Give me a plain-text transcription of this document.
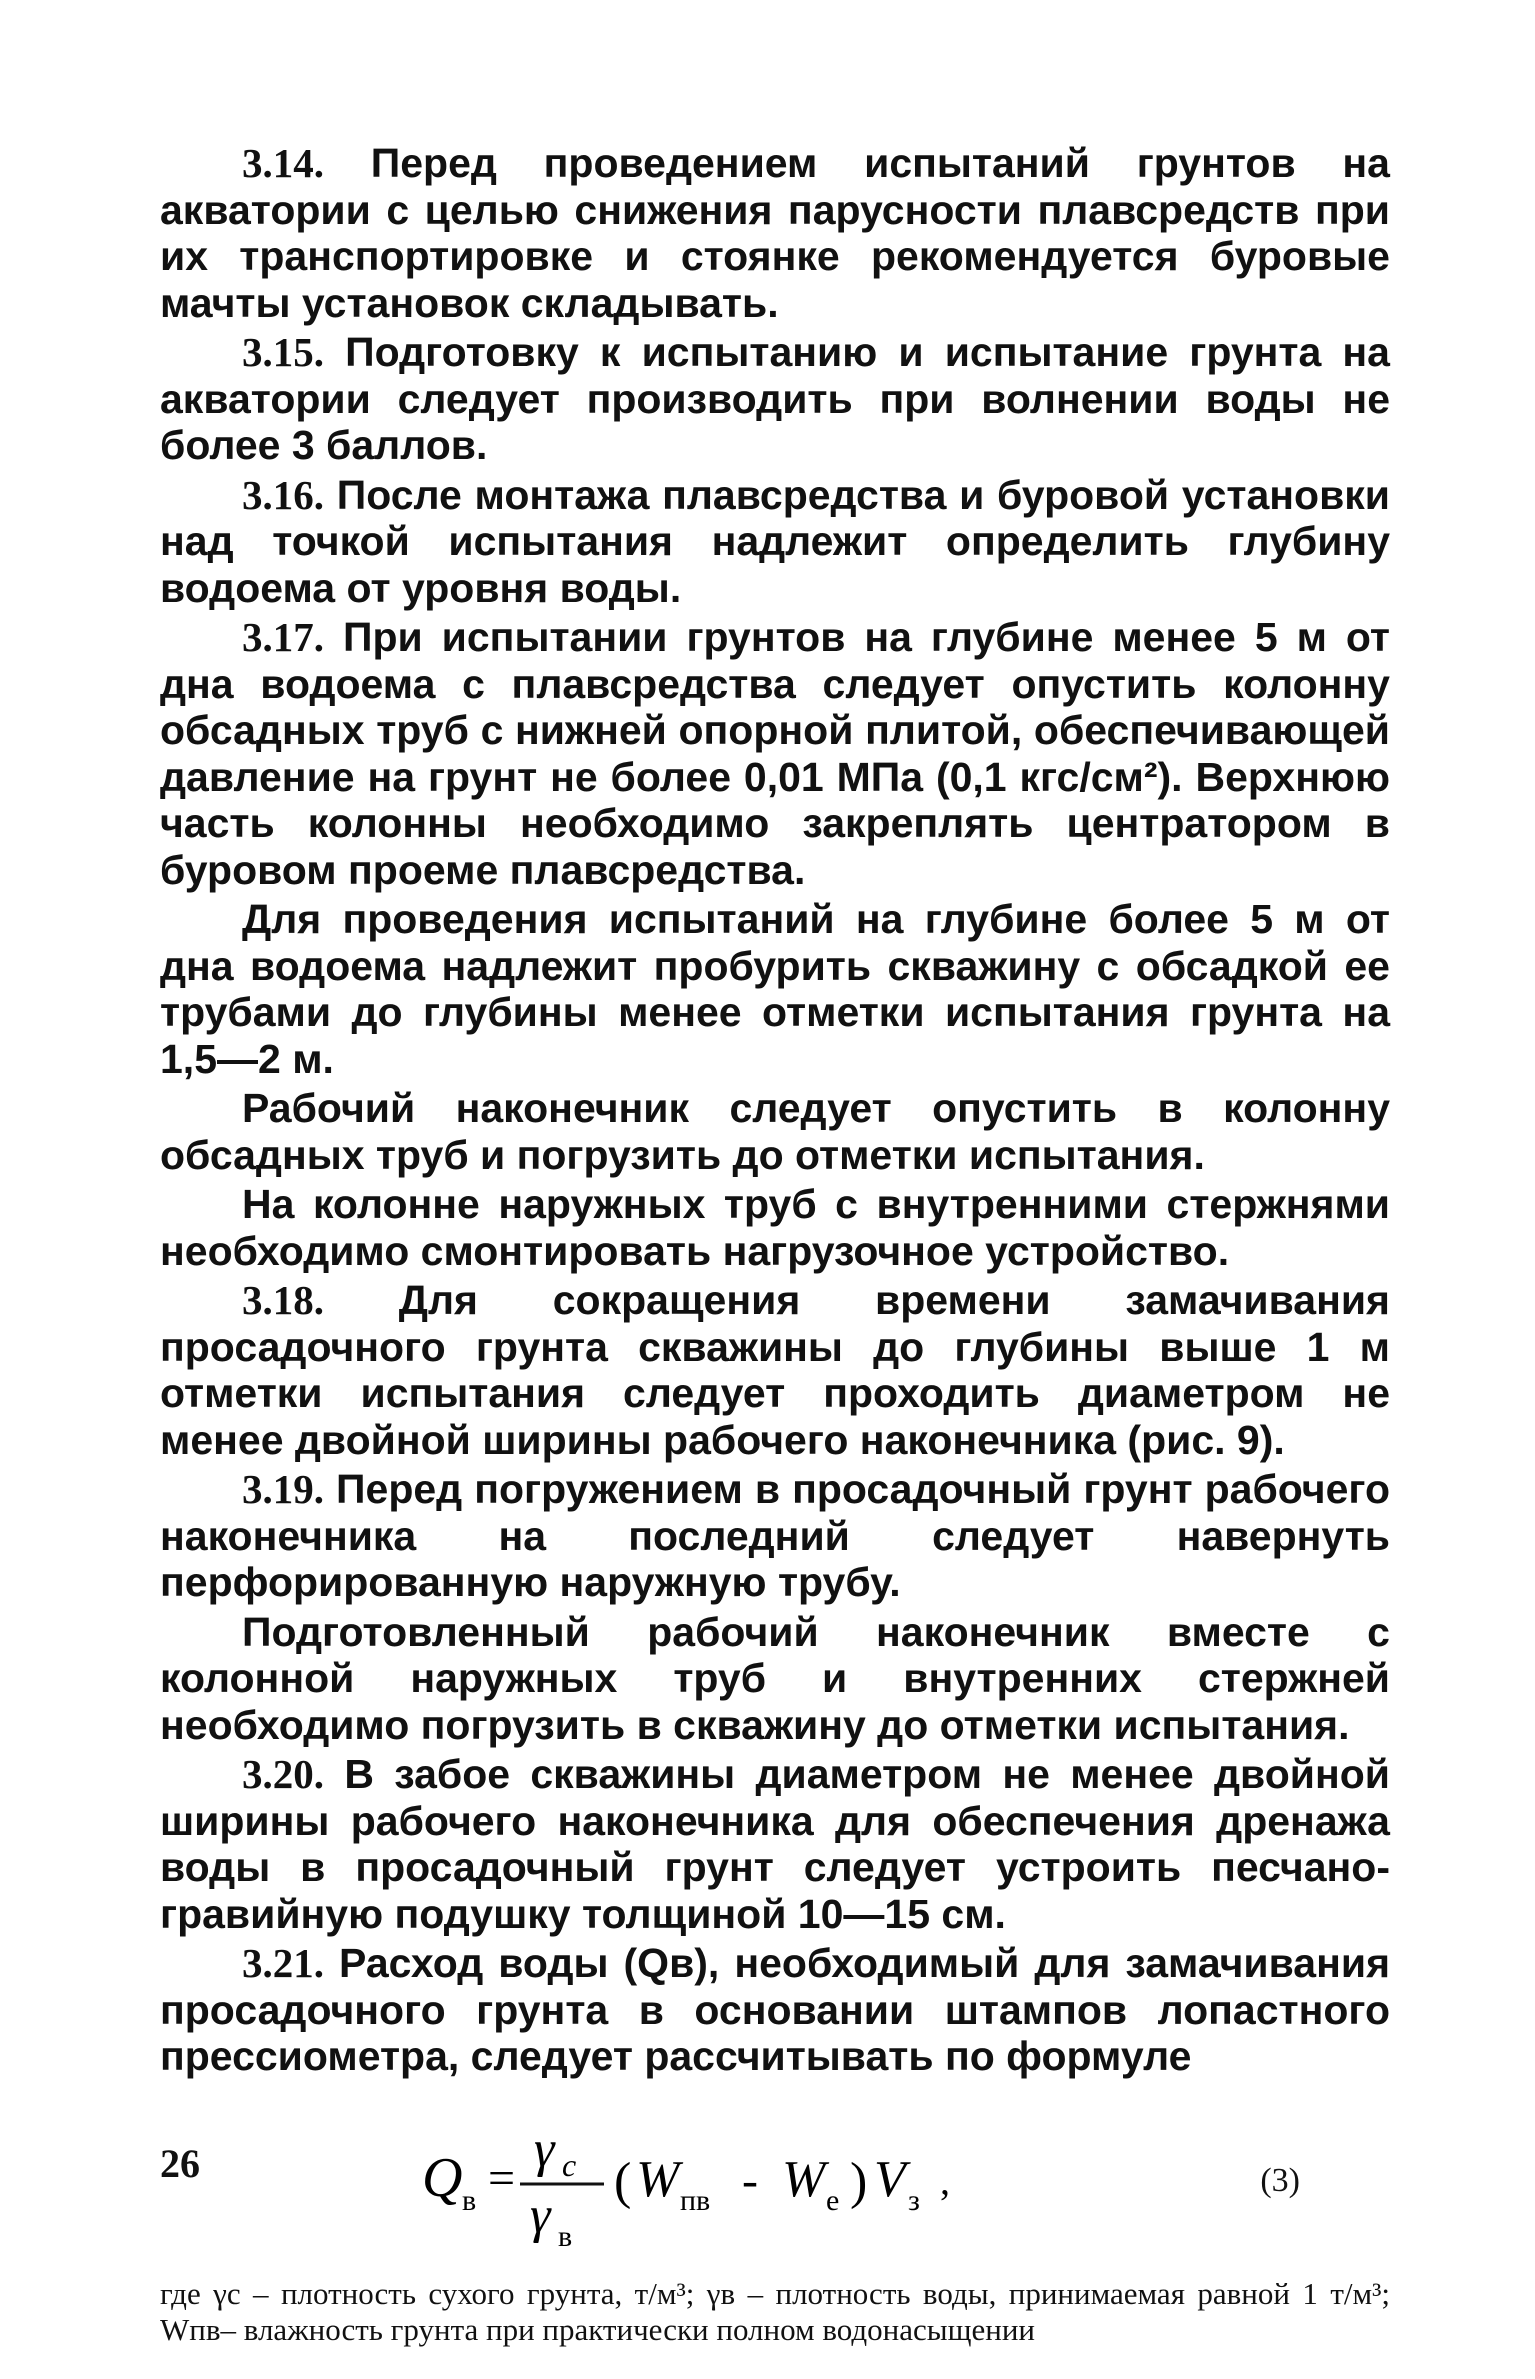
3.14. Перед проведением испытаний грунтов на акватории с целью снижения парусности плавсредств при их транспортировке и стоянке рекомендуется буровые мачты установок складывать.

3.15. Подготовку к испытанию и испытание грунта на акватории следует производить при волнении воды не более 3 баллов.

3.16. После монтажа плавсредства и буровой установки над точкой испытания надлежит определить глубину водоема от уровня воды.

3.17. При испытании грунтов на глубине менее 5 м от дна водоема с плавсредства следует опустить колонну обсадных труб с нижней опорной плитой, обеспечивающей давление на грунт не более 0,01 МПа (0,1 кгс/см²). Верхнюю часть колонны необходимо закреплять центратором в буровом проеме плавсредства.

Для проведения испытаний на глубине более 5 м от дна водоема надлежит пробурить скважину с обсадкой ее трубами до глубины менее отметки испытания грунта на 1,5—2 м.

Рабочий наконечник следует опустить в колонну обсадных труб и погрузить до отметки испытания.

На колонне наружных труб с внутренними стержнями необходимо смонтировать нагрузочное устройство.

3.18. Для сокращения времени замачивания просадочного грунта скважины до глубины выше 1 м отметки испытания следует проходить диаметром не менее двойной ширины рабочего наконечника (рис. 9).

3.19. Перед погружением в просадочный грунт рабочего наконечника на последний следует навернуть перфорированную наружную трубу.

Подготовленный рабочий наконечник вместе с колонной наружных труб и внутренних стержней необходимо погрузить в скважину до отметки испытания.

3.20. В забое скважины диаметром не менее двойной ширины рабочего наконечника для обеспечения дренажа воды в просадочный грунт следует устроить песчано-гравийную подушку толщиной 10—15 см.

3.21. Расход воды (Qв), необходимый для замачивания просадочного грунта в основании штампов лопастного прессиометра, следует рассчитывать по формуле

Q в =
γ с
γ в
( W пв - W е ) V з ,	(3)

где γс – плотность сухого грунта, т/м³; γв – плотность воды, принимаемая равной 1 т/м³; Wпв– влажность грунта при практически полном водонасыщении

26
